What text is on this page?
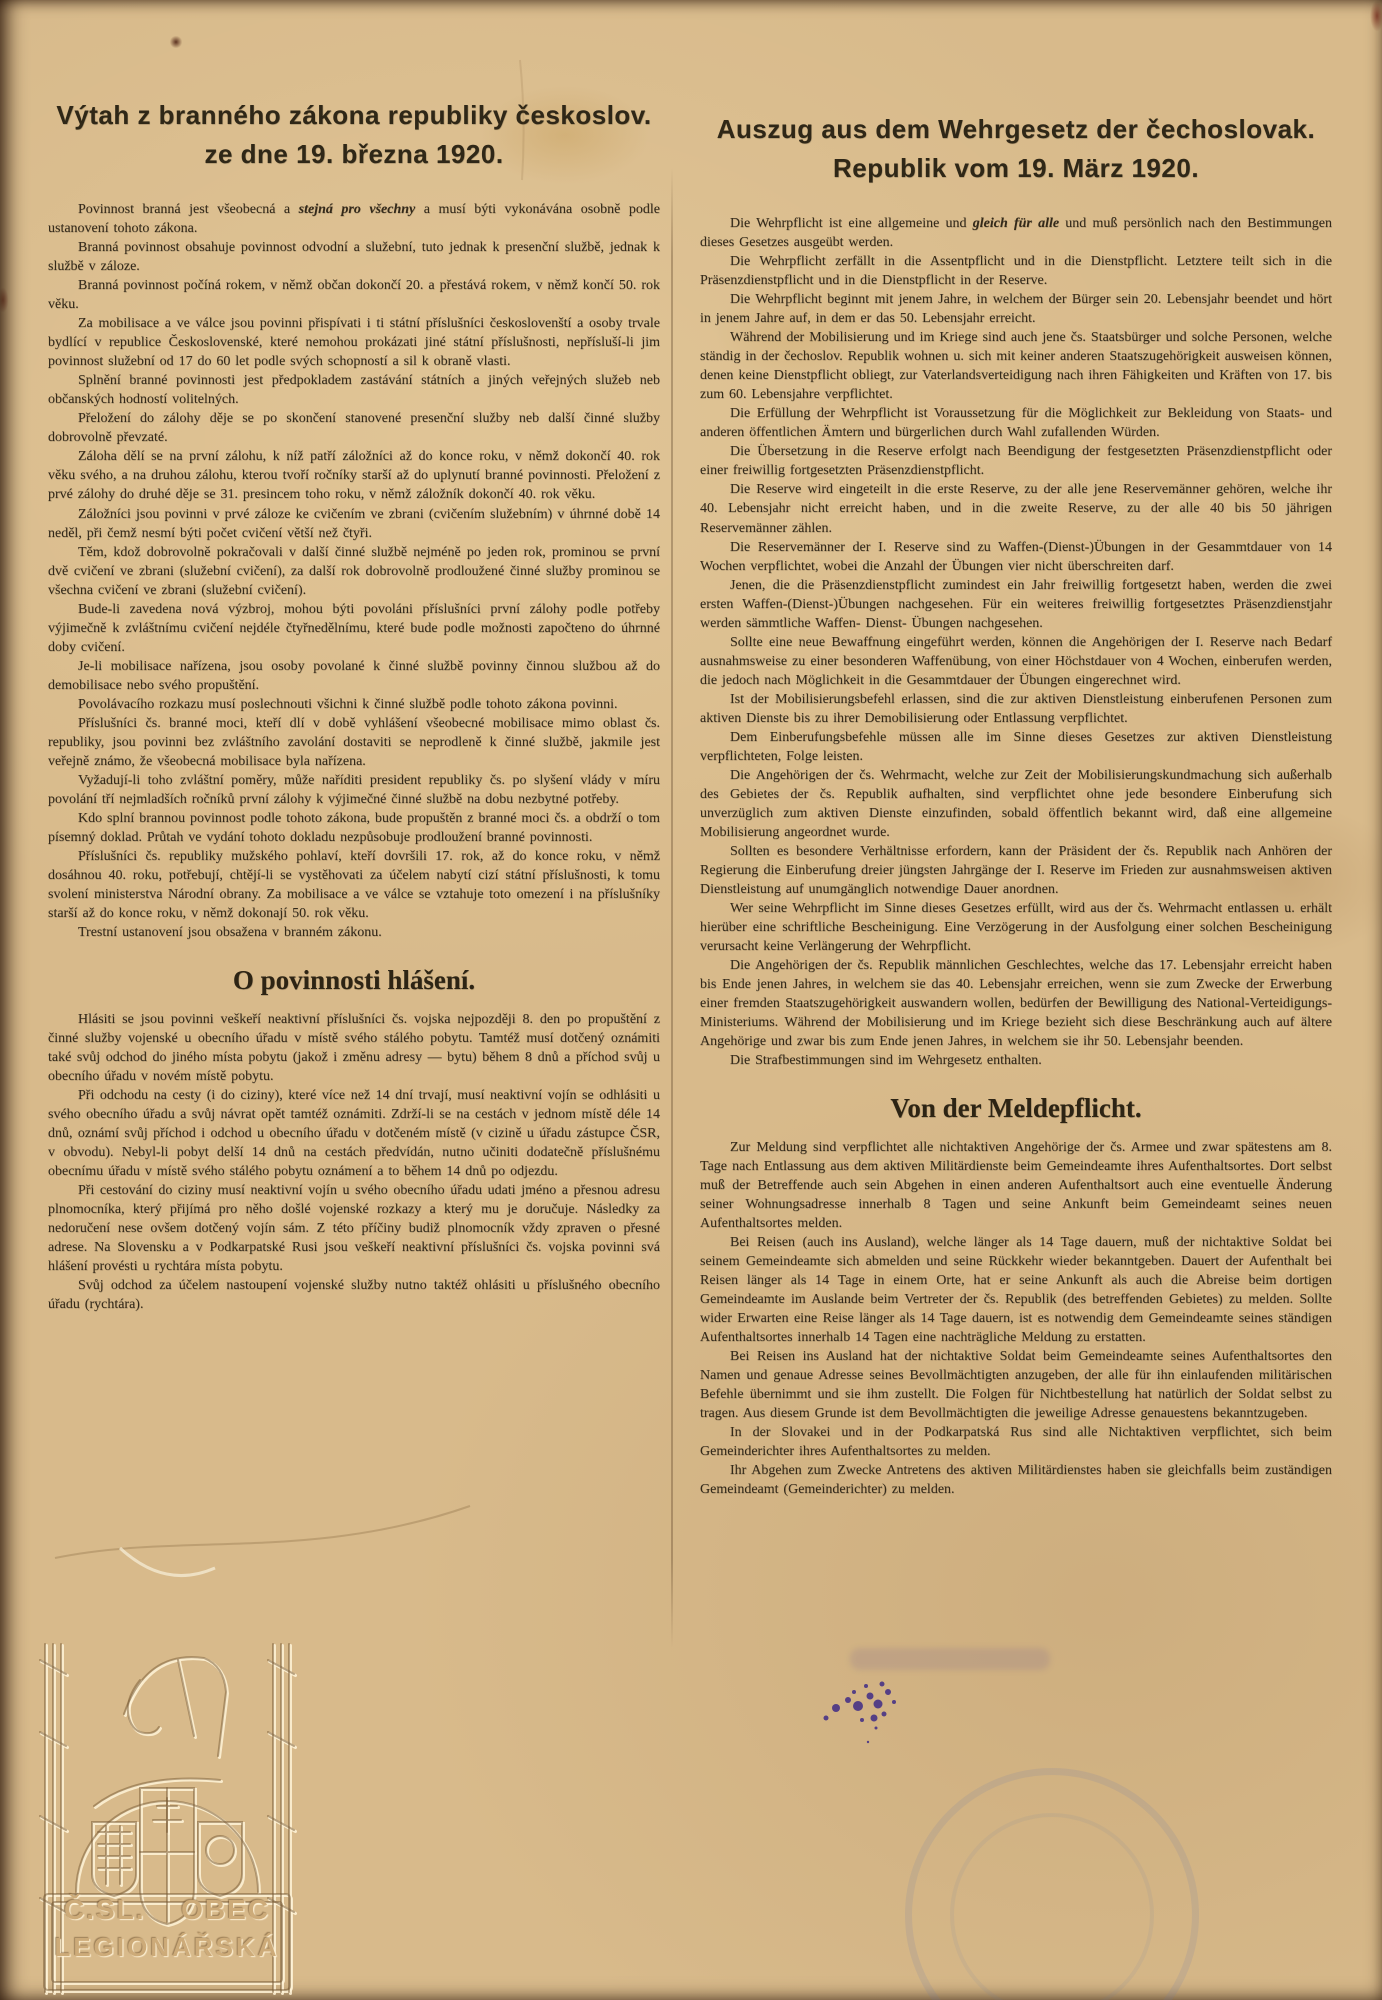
Výtah z branného zákona republiky českoslov.
ze dne 19. března 1920.

Povinnost branná jest všeobecná a stejná pro všechny a musí býti vykonávána osobně podle ustanovení tohoto zákona.

Branná povinnost obsahuje povinnost odvodní a služební, tuto jednak k presenční službě, jednak k službě v záloze.

Branná povinnost počíná rokem, v němž občan dokončí 20. a přestává rokem, v němž končí 50. rok věku.

Za mobilisace a ve válce jsou povinni přispívati i ti státní příslušníci českoslovenští a osoby trvale bydlící v republice Československé, které nemohou prokázati jiné státní příslušnosti, nepřísluší-li jim povinnost služební od 17 do 60 let podle svých schopností a sil k obraně vlasti.

Splnění branné povinnosti jest předpokladem zastávání státních a jiných veřejných služeb neb občanských hodností volitelných.

Přeložení do zálohy děje se po skončení stanovené presenční služby neb další činné služby dobrovolně převzaté.

Záloha dělí se na první zálohu, k níž patří záložníci až do konce roku, v němž dokončí 40. rok věku svého, a na druhou zálohu, kterou tvoří ročníky starší až do uplynutí branné povinnosti. Přeložení z prvé zálohy do druhé děje se 31. presincem toho roku, v němž záložník dokončí 40. rok věku.

Záložníci jsou povinni v prvé záloze ke cvičením ve zbrani (cvičením služebním) v úhrnné době 14 neděl, při čemž nesmí býti počet cvičení větší než čtyři.

Těm, kdož dobrovolně pokračovali v další činné službě nejméně po jeden rok, prominou se první dvě cvičení ve zbrani (služební cvičení), za další rok dobrovolně prodloužené činné služby prominou se všechna cvičení ve zbrani (služební cvičení).

Bude-li zavedena nová výzbroj, mohou býti povoláni příslušníci první zálohy podle potřeby výjimečně k zvláštnímu cvičení nejdéle čtyřnedělnímu, které bude podle možnosti započteno do úhrnné doby cvičení.

Je-li mobilisace nařízena, jsou osoby povolané k činné službě povinny činnou službou až do demobilisace nebo svého propuštění.

Povolávacího rozkazu musí poslechnouti všichni k činné službě podle tohoto zákona povinni.

Příslušníci čs. branné moci, kteří dlí v době vyhlášení všeobecné mobilisace mimo oblast čs. republiky, jsou povinni bez zvláštního zavolání dostaviti se neprodleně k činné službě, jakmile jest veřejně známo, že všeobecná mobilisace byla nařízena.

Vyžadují-li toho zvláštní poměry, může naříditi president republiky čs. po slyšení vlády v míru povolání tří nejmladších ročníků první zálohy k výjimečné činné službě na dobu nezbytné potřeby.

Kdo splní brannou povinnost podle tohoto zákona, bude propuštěn z branné moci čs. a obdrží o tom písemný doklad. Průtah ve vydání tohoto dokladu nezpůsobuje prodloužení branné povinnosti.

Příslušníci čs. republiky mužského pohlaví, kteří dovršili 17. rok, až do konce roku, v němž dosáhnou 40. roku, potřebují, chtějí-li se vystěhovati za účelem nabytí cizí státní příslušnosti, k tomu svolení ministerstva Národní obrany. Za mobilisace a ve válce se vztahuje toto omezení i na příslušníky starší až do konce roku, v němž dokonají 50. rok věku.

Trestní ustanovení jsou obsažena v branném zákonu.

O povinnosti hlášení.

Hlásiti se jsou povinni veškeří neaktivní příslušníci čs. vojska nejpozději 8. den po propuštění z činné služby vojenské u obecního úřadu v místě svého stálého pobytu. Tamtéž musí dotčený oznámiti také svůj odchod do jiného místa pobytu (jakož i změnu adresy — bytu) během 8 dnů a příchod svůj u obecního úřadu v novém místě pobytu.

Při odchodu na cesty (i do ciziny), které více než 14 dní trvají, musí neaktivní vojín se odhlásiti u svého obecního úřadu a svůj návrat opět tamtéž oznámiti. Zdrží-li se na cestách v jednom místě déle 14 dnů, oznámí svůj příchod i odchod u obecního úřadu v dotčeném místě (v cizině u úřadu zástupce ČSR, v obvodu). Nebyl-li pobyt delší 14 dnů na cestách předvídán, nutno učiniti dodatečně příslušnému obecnímu úřadu v místě svého stálého pobytu oznámení a to během 14 dnů po odjezdu.

Při cestování do ciziny musí neaktivní vojín u svého obecního úřadu udati jméno a přesnou adresu plnomocníka, který přijímá pro něho došlé vojenské rozkazy a který mu je doručuje. Následky za nedoručení nese ovšem dotčený vojín sám. Z této příčiny budiž plnomocník vždy zpraven o přesné adrese. Na Slovensku a v Podkarpatské Rusi jsou veškeří neaktivní příslušníci čs. vojska povinni svá hlášení provésti u rychtára místa pobytu.

Svůj odchod za účelem nastoupení vojenské služby nutno taktéž ohlásiti u příslušného obecního úřadu (rychtára).

Auszug aus dem Wehrgesetz der čechoslovak.
Republik vom 19. März 1920.

Die Wehrpflicht ist eine allgemeine und gleich für alle und muß persönlich nach den Bestimmungen dieses Gesetzes ausgeübt werden.

Die Wehrpflicht zerfällt in die Assentpflicht und in die Dienstpflicht. Letztere teilt sich in die Präsenzdienstpflicht und in die Dienstpflicht in der Reserve.

Die Wehrpflicht beginnt mit jenem Jahre, in welchem der Bürger sein 20. Lebensjahr beendet und hört in jenem Jahre auf, in dem er das 50. Lebensjahr erreicht.

Während der Mobilisierung und im Kriege sind auch jene čs. Staatsbürger und solche Personen, welche ständig in der čechoslov. Republik wohnen u. sich mit keiner anderen Staatszugehörigkeit ausweisen können, denen keine Dienstpflicht obliegt, zur Vaterlandsverteidigung nach ihren Fähigkeiten und Kräften von 17. bis zum 60. Lebensjahre verpflichtet.

Die Erfüllung der Wehrpflicht ist Voraussetzung für die Möglichkeit zur Bekleidung von Staats- und anderen öffentlichen Ämtern und bürgerlichen durch Wahl zufallenden Würden.

Die Übersetzung in die Reserve erfolgt nach Beendigung der festgesetzten Präsenzdienstpflicht oder einer freiwillig fortgesetzten Präsenzdienstpflicht.

Die Reserve wird eingeteilt in die erste Reserve, zu der alle jene Reservemänner gehören, welche ihr 40. Lebensjahr nicht erreicht haben, und in die zweite Reserve, zu der alle 40 bis 50 jährigen Reservemänner zählen.

Die Reservemänner der I. Reserve sind zu Waffen-(Dienst-)Übungen in der Gesammtdauer von 14 Wochen verpflichtet, wobei die Anzahl der Übungen vier nicht überschreiten darf.

Jenen, die die Präsenzdienstpflicht zumindest ein Jahr freiwillig fortgesetzt haben, werden die zwei ersten Waffen-(Dienst-)Übungen nachgesehen. Für ein weiteres freiwillig fortgesetztes Präsenzdienstjahr werden sämmtliche Waffen- Dienst- Übungen nachgesehen.

Sollte eine neue Bewaffnung eingeführt werden, können die Angehörigen der I. Reserve nach Bedarf ausnahmsweise zu einer besonderen Waffenübung, von einer Höchstdauer von 4 Wochen, einberufen werden, die jedoch nach Möglichkeit in die Gesammtdauer der Übungen eingerechnet wird.

Ist der Mobilisierungsbefehl erlassen, sind die zur aktiven Dienstleistung einberufenen Personen zum aktiven Dienste bis zu ihrer Demobilisierung oder Entlassung verpflichtet.

Dem Einberufungsbefehle müssen alle im Sinne dieses Gesetzes zur aktiven Dienstleistung verpflichteten, Folge leisten.

Die Angehörigen der čs. Wehrmacht, welche zur Zeit der Mobilisierungskundmachung sich außerhalb des Gebietes der čs. Republik aufhalten, sind verpflichtet ohne jede besondere Einberufung sich unverzüglich zum aktiven Dienste einzufinden, sobald öffentlich bekannt wird, daß eine allgemeine Mobilisierung angeordnet wurde.

Sollten es besondere Verhältnisse erfordern, kann der Präsident der čs. Republik nach Anhören der Regierung die Einberufung dreier jüngsten Jahrgänge der I. Reserve im Frieden zur ausnahmsweisen aktiven Dienstleistung auf unumgänglich notwendige Dauer anordnen.

Wer seine Wehrpflicht im Sinne dieses Gesetzes erfüllt, wird aus der čs. Wehrmacht entlassen u. erhält hierüber eine schriftliche Bescheinigung. Eine Verzögerung in der Ausfolgung einer solchen Bescheinigung verursacht keine Verlängerung der Wehrpflicht.

Die Angehörigen der čs. Republik männlichen Geschlechtes, welche das 17. Lebensjahr erreicht haben bis Ende jenen Jahres, in welchem sie das 40. Lebensjahr erreichen, wenn sie zum Zwecke der Erwerbung einer fremden Staatszugehörigkeit auswandern wollen, bedürfen der Bewilligung des National-Verteidigungs-Ministeriums. Während der Mobilisierung und im Kriege bezieht sich diese Beschränkung auch auf ältere Angehörige und zwar bis zum Ende jenen Jahres, in welchem sie ihr 50. Lebensjahr beenden.

Die Strafbestimmungen sind im Wehrgesetz enthalten.

Von der Meldepflicht.

Zur Meldung sind verpflichtet alle nichtaktiven Angehörige der čs. Armee und zwar spätestens am 8. Tage nach Entlassung aus dem aktiven Militärdienste beim Gemeindeamte ihres Aufenthaltsortes. Dort selbst muß der Betreffende auch sein Abgehen in einen anderen Aufenthaltsort auch eine eventuelle Änderung seiner Wohnungsadresse innerhalb 8 Tagen und seine Ankunft beim Gemeindeamt seines neuen Aufenthaltsortes melden.

Bei Reisen (auch ins Ausland), welche länger als 14 Tage dauern, muß der nichtaktive Soldat bei seinem Gemeindeamte sich abmelden und seine Rückkehr wieder bekanntgeben. Dauert der Aufenthalt bei Reisen länger als 14 Tage in einem Orte, hat er seine Ankunft als auch die Abreise beim dortigen Gemeindeamte im Auslande beim Vertreter der čs. Republik (des betreffenden Gebietes) zu melden. Sollte wider Erwarten eine Reise länger als 14 Tage dauern, ist es notwendig dem Gemeindeamte seines ständigen Aufenthaltsortes innerhalb 14 Tagen eine nachträgliche Meldung zu erstatten.

Bei Reisen ins Ausland hat der nichtaktive Soldat beim Gemeindeamte seines Aufenthaltsortes den Namen und genaue Adresse seines Bevollmächtigten anzugeben, der alle für ihn einlaufenden militärischen Befehle übernimmt und sie ihm zustellt. Die Folgen für Nichtbestellung hat natürlich der Soldat selbst zu tragen. Aus diesem Grunde ist dem Bevollmächtigten die jeweilige Adresse genauestens bekanntzugeben.

In der Slovakei und in der Podkarpatská Rus sind alle Nichtaktiven verpflichtet, sich beim Gemeinderichter ihres Aufenthaltsortes zu melden.

Ihr Abgehen zum Zwecke Antretens des aktiven Militärdienstes haben sie gleichfalls beim zuständigen Gemeindeamt (Gemeinderichter) zu melden.

Č.SL. OBEC
LEGIONÁŘSKÁ
